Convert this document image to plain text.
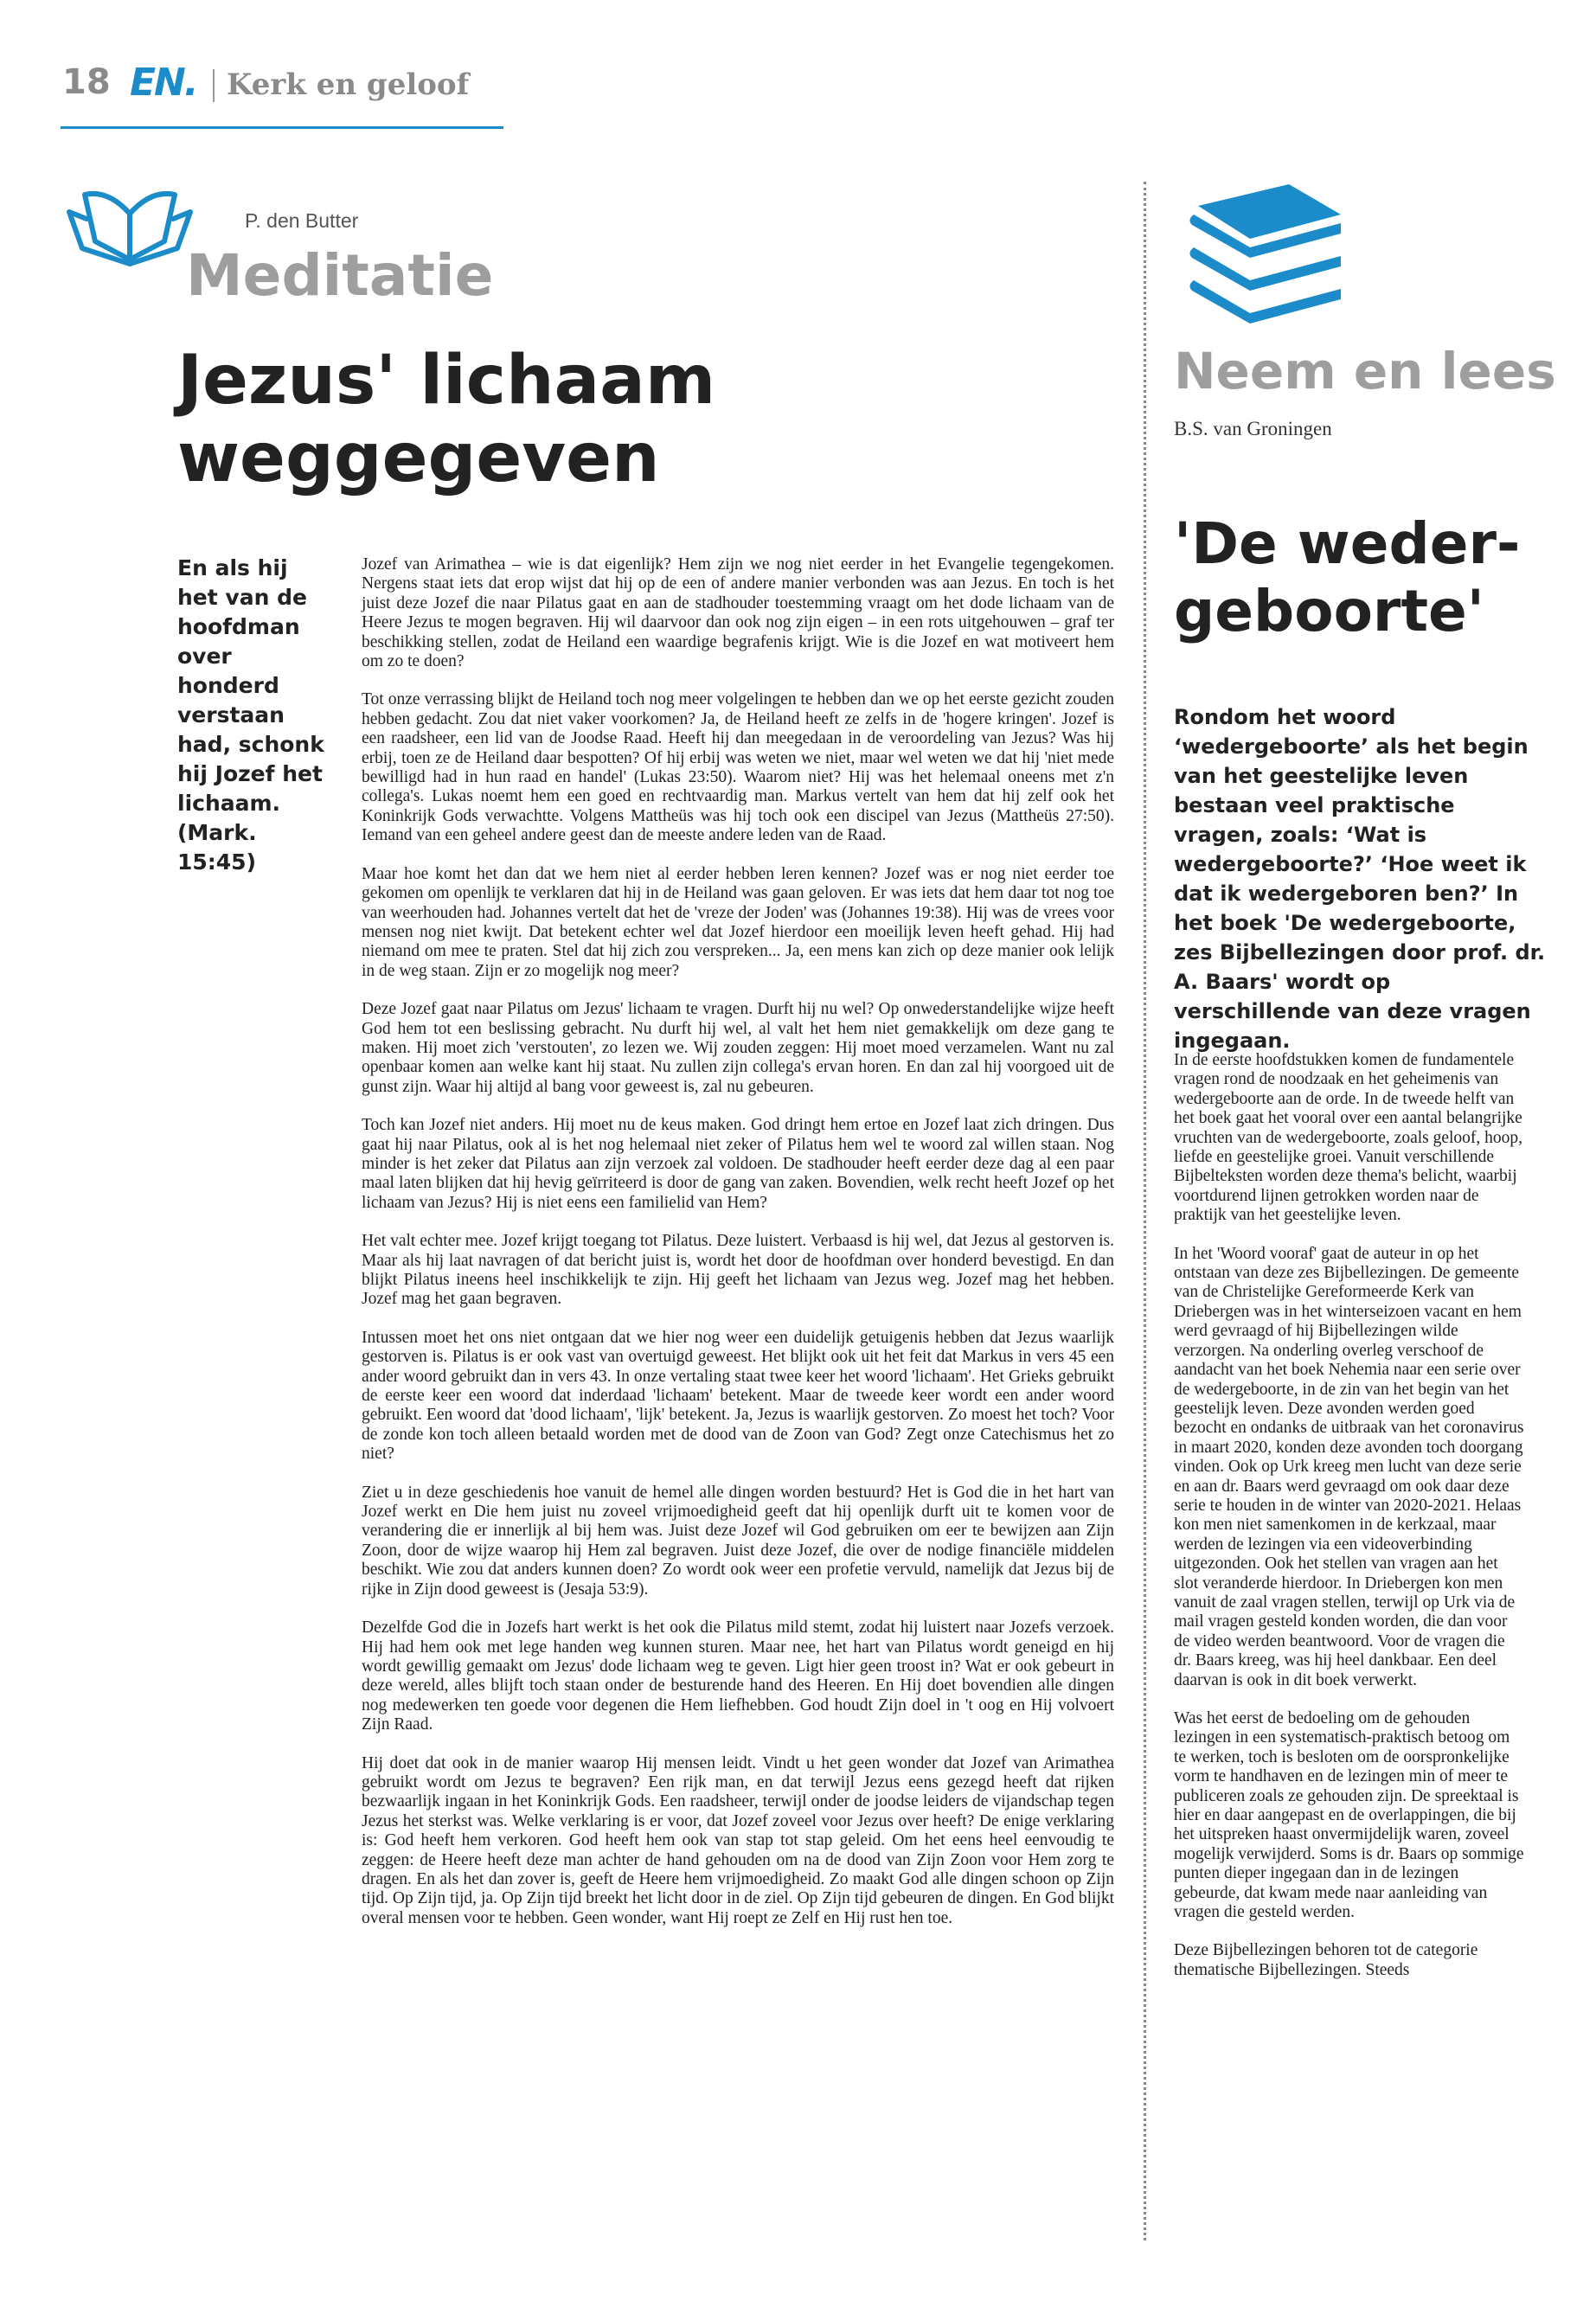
18 EN. Kerk en geloof
P. den Butter
Meditatie
Jezus' lichaam
weggegeven
En als hij het van de hoofdman over honderd verstaan had, schonk hij Jozef het lichaam. (Mark. 15:45)

Jozef van Arimathea – wie is dat eigenlijk? Hem zijn we nog niet eerder in het Evangelie tegengekomen. Nergens staat iets dat erop wijst dat hij op de een of andere manier verbonden was aan Jezus. En toch is het juist deze Jozef die naar Pilatus gaat en aan de stadhouder toestemming vraagt om het dode lichaam van de Heere Jezus te mogen begraven. Hij wil daarvoor dan ook nog zijn eigen – in een rots uitgehouwen – graf ter beschikking stellen, zodat de Heiland een waardige begrafenis krijgt. Wie is die Jozef en wat motiveert hem om zo te doen?

Tot onze verrassing blijkt de Heiland toch nog meer volgelingen te hebben dan we op het eerste gezicht zouden hebben gedacht. Zou dat niet vaker voorkomen? Ja, de Heiland heeft ze zelfs in de 'hogere kringen'. Jozef is een raadsheer, een lid van de Joodse Raad. Heeft hij dan meegedaan in de veroordeling van Jezus? Was hij erbij, toen ze de Heiland daar bespotten? Of hij erbij was weten we niet, maar wel weten we dat hij 'niet mede bewilligd had in hun raad en handel' (Lukas 23:50). Waarom niet? Hij was het helemaal oneens met z'n collega's. Lukas noemt hem een goed en rechtvaardig man. Markus vertelt van hem dat hij zelf ook het Koninkrijk Gods verwachtte. Volgens Mattheüs was hij toch ook een discipel van Jezus (Mattheüs 27:50). Iemand van een geheel andere geest dan de meeste andere leden van de Raad.

Maar hoe komt het dan dat we hem niet al eerder hebben leren kennen? Jozef was er nog niet eerder toe gekomen om openlijk te verklaren dat hij in de Heiland was gaan geloven. Er was iets dat hem daar tot nog toe van weerhouden had. Johannes vertelt dat het de 'vreze der Joden' was (Johannes 19:38). Hij was de vrees voor mensen nog niet kwijt. Dat betekent echter wel dat Jozef hierdoor een moeilijk leven heeft gehad. Hij had niemand om mee te praten. Stel dat hij zich zou verspreken... Ja, een mens kan zich op deze manier ook lelijk in de weg staan. Zijn er zo mogelijk nog meer?

Deze Jozef gaat naar Pilatus om Jezus' lichaam te vragen. Durft hij nu wel? Op onwederstandelijke wijze heeft God hem tot een beslissing gebracht. Nu durft hij wel, al valt het hem niet gemakkelijk om deze gang te maken. Hij moet zich 'verstouten', zo lezen we. Wij zouden zeggen: Hij moet moed verzamelen. Want nu zal openbaar komen aan welke kant hij staat. Nu zullen zijn collega's ervan horen. En dan zal hij voorgoed uit de gunst zijn. Waar hij altijd al bang voor geweest is, zal nu gebeuren.

Toch kan Jozef niet anders. Hij moet nu de keus maken. God dringt hem ertoe en Jozef laat zich dringen. Dus gaat hij naar Pilatus, ook al is het nog helemaal niet zeker of Pilatus hem wel te woord zal willen staan. Nog minder is het zeker dat Pilatus aan zijn verzoek zal voldoen. De stadhouder heeft eerder deze dag al een paar maal laten blijken dat hij hevig geïrriteerd is door de gang van zaken. Bovendien, welk recht heeft Jozef op het lichaam van Jezus? Hij is niet eens een familielid van Hem?

Het valt echter mee. Jozef krijgt toegang tot Pilatus. Deze luistert. Verbaasd is hij wel, dat Jezus al gestorven is. Maar als hij laat navragen of dat bericht juist is, wordt het door de hoofdman over honderd bevestigd. En dan blijkt Pilatus ineens heel inschikkelijk te zijn. Hij geeft het lichaam van Jezus weg. Jozef mag het hebben. Jozef mag het gaan begraven.

Intussen moet het ons niet ontgaan dat we hier nog weer een duidelijk getuigenis hebben dat Jezus waarlijk gestorven is. Pilatus is er ook vast van overtuigd geweest. Het blijkt ook uit het feit dat Markus in vers 45 een ander woord gebruikt dan in vers 43. In onze vertaling staat twee keer het woord 'lichaam'. Het Grieks gebruikt de eerste keer een woord dat inderdaad 'lichaam' betekent. Maar de tweede keer wordt een ander woord gebruikt. Een woord dat 'dood lichaam', 'lijk' betekent. Ja, Jezus is waarlijk gestorven. Zo moest het toch? Voor de zonde kon toch alleen betaald worden met de dood van de Zoon van God? Zegt onze Catechismus het zo niet?

Ziet u in deze geschiedenis hoe vanuit de hemel alle dingen worden bestuurd? Het is God die in het hart van Jozef werkt en Die hem juist nu zoveel vrijmoedigheid geeft dat hij openlijk durft uit te komen voor de verandering die er innerlijk al bij hem was. Juist deze Jozef wil God gebruiken om eer te bewijzen aan Zijn Zoon, door de wijze waarop hij Hem zal begraven. Juist deze Jozef, die over de nodige financiële middelen beschikt. Wie zou dat anders kunnen doen? Zo wordt ook weer een profetie vervuld, namelijk dat Jezus bij de rijke in Zijn dood geweest is (Jesaja 53:9).

Dezelfde God die in Jozefs hart werkt is het ook die Pilatus mild stemt, zodat hij luistert naar Jozefs verzoek. Hij had hem ook met lege handen weg kunnen sturen. Maar nee, het hart van Pilatus wordt geneigd en hij wordt gewillig gemaakt om Jezus' dode lichaam weg te geven. Ligt hier geen troost in? Wat er ook gebeurt in deze wereld, alles blijft toch staan onder de besturende hand des Heeren. En Hij doet bovendien alle dingen nog medewerken ten goede voor degenen die Hem liefhebben. God houdt Zijn doel in 't oog en Hij volvoert Zijn Raad.

Hij doet dat ook in de manier waarop Hij mensen leidt. Vindt u het geen wonder dat Jozef van Arimathea gebruikt wordt om Jezus te begraven? Een rijk man, en dat terwijl Jezus eens gezegd heeft dat rijken bezwaarlijk ingaan in het Koninkrijk Gods. Een raadsheer, terwijl onder de joodse leiders de vijandschap tegen Jezus het sterkst was. Welke verklaring is er voor, dat Jozef zoveel voor Jezus over heeft? De enige verklaring is: God heeft hem verkoren. God heeft hem ook van stap tot stap geleid. Om het eens heel eenvoudig te zeggen: de Heere heeft deze man achter de hand gehouden om na de dood van Zijn Zoon voor Hem zorg te dragen. En als het dan zover is, geeft de Heere hem vrijmoedigheid. Zo maakt God alle dingen schoon op Zijn tijd. Op Zijn tijd, ja. Op Zijn tijd breekt het licht door in de ziel. Op Zijn tijd gebeuren de dingen. En God blijkt overal mensen voor te hebben. Geen wonder, want Hij roept ze Zelf en Hij rust hen toe.

Neem en lees
B.S. van Groningen
'De weder-
geboorte'
Rondom het woord ‘wedergeboorte’ als het begin van het geestelijke leven bestaan veel praktische vragen, zoals: ‘Wat is wedergeboorte?’ ‘Hoe weet ik dat ik wedergeboren ben?’ In het boek 'De wedergeboorte, zes Bijbellezingen door prof. dr. A. Baars' wordt op verschillende van deze vragen ingegaan.

In de eerste hoofdstukken komen de fundamentele vragen rond de noodzaak en het geheimenis van wedergeboorte aan de orde. In de tweede helft van het boek gaat het vooral over een aantal belangrijke vruchten van de wedergeboorte, zoals geloof, hoop, liefde en geestelijke groei. Vanuit verschillende Bijbelteksten worden deze thema's belicht, waarbij voortdurend lijnen getrokken worden naar de praktijk van het geestelijke leven.

In het 'Woord vooraf' gaat de auteur in op het ontstaan van deze zes Bijbellezingen. De gemeente van de Christelijke Gereformeerde Kerk van Driebergen was in het winterseizoen vacant en hem werd gevraagd of hij Bijbellezingen wilde verzorgen. Na onderling overleg verschoof de aandacht van het boek Nehemia naar een serie over de wedergeboorte, in de zin van het begin van het geestelijk leven. Deze avonden werden goed bezocht en ondanks de uitbraak van het coronavirus in maart 2020, konden deze avonden toch doorgang vinden. Ook op Urk kreeg men lucht van deze serie en aan dr. Baars werd gevraagd om ook daar deze serie te houden in de winter van 2020-2021. Helaas kon men niet samenkomen in de kerkzaal, maar werden de lezingen via een videoverbinding uitgezonden. Ook het stellen van vragen aan het slot veranderde hierdoor. In Driebergen kon men vanuit de zaal vragen stellen, terwijl op Urk via de mail vragen gesteld konden worden, die dan voor de video werden beantwoord. Voor de vragen die dr. Baars kreeg, was hij heel dankbaar. Een deel daarvan is ook in dit boek verwerkt.

Was het eerst de bedoeling om de gehouden lezingen in een systematisch-praktisch betoog om te werken, toch is besloten om de oorspronkelijke vorm te handhaven en de lezingen min of meer te publiceren zoals ze gehouden zijn. De spreektaal is hier en daar aangepast en de overlappingen, die bij het uitspreken haast onvermijdelijk waren, zoveel mogelijk verwijderd. Soms is dr. Baars op sommige punten dieper ingegaan dan in de lezingen gebeurde, dat kwam mede naar aanleiding van vragen die gesteld werden.

Deze Bijbellezingen behoren tot de categorie thematische Bijbellezingen. Steeds
